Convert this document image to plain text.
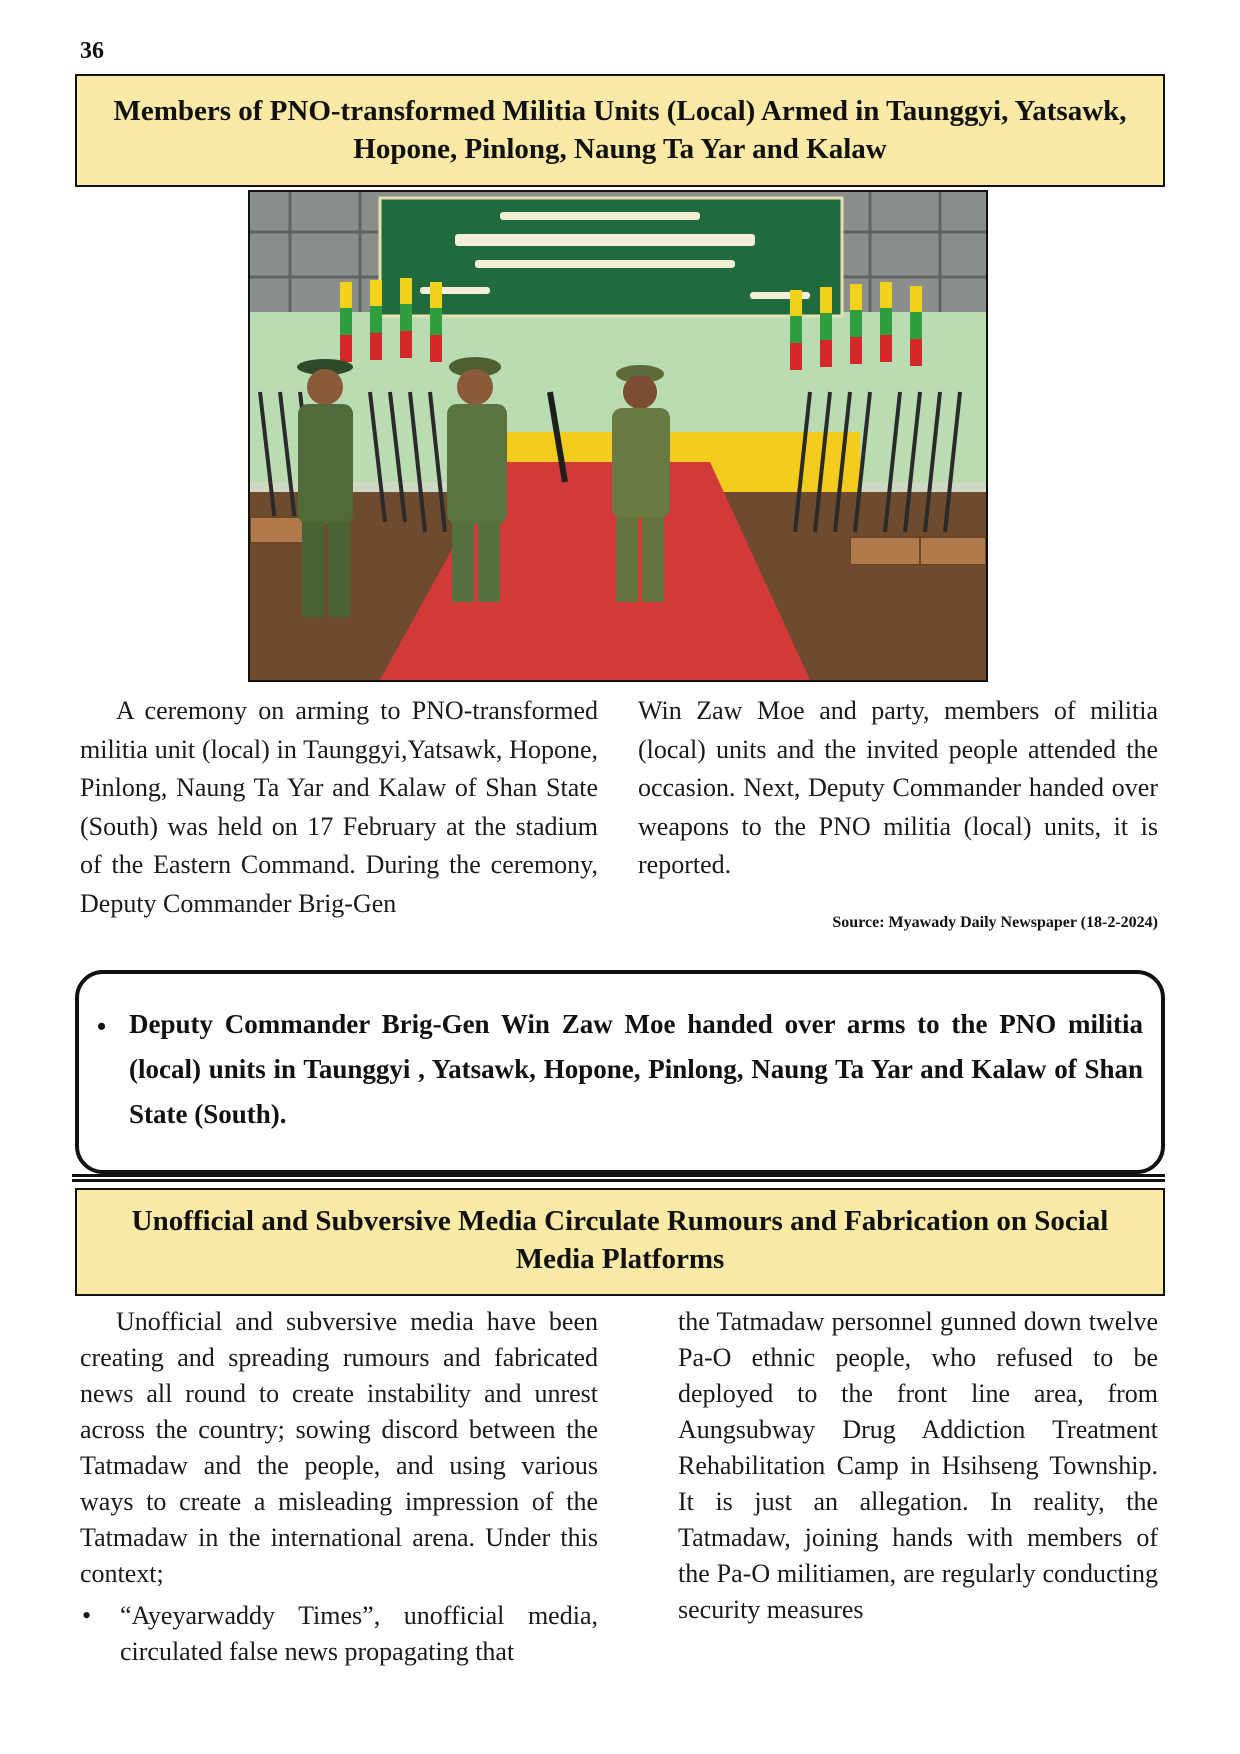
36
Members of PNO-transformed Militia Units (Local) Armed in Taunggyi, Yatsawk, Hopone, Pinlong, Naung Ta Yar and Kalaw

A ceremony on arming to PNO-transformed militia unit (local) in Taunggyi,Yatsawk, Hopone, Pinlong, Naung Ta Yar and Kalaw of Shan State (South) was held on 17 February at the stadium of the Eastern Command. During the ceremony, Deputy Commander Brig-Gen

Win Zaw Moe and party, members of militia (local) units and the invited people attended the occasion. Next, Deputy Commander handed over weapons to the PNO militia (local) units, it is reported.

Source: Myawady Daily Newspaper (18-2-2024)
• Deputy Commander Brig-Gen Win Zaw Moe handed over arms to the PNO militia (local) units in Taunggyi , Yatsawk, Hopone, Pinlong, Naung Ta Yar and Kalaw of Shan State (South).
Unofficial and Subversive Media Circulate Rumours and Fabrication on Social Media Platforms

Unofficial and subversive media have been creating and spreading rumours and fabricated news all round to create instability and unrest across the country; sowing discord between the Tatmadaw and the people, and using various ways to create a misleading impression of the Tatmadaw in the international arena. Under this context;

• “Ayeyarwaddy Times”, unofficial media, circulated false news propagating that

the Tatmadaw personnel gunned down twelve Pa-O ethnic people, who refused to be deployed to the front line area, from Aungsubway Drug Addiction Treatment Rehabilitation Camp in Hsihseng Township. It is just an allegation. In reality, the Tatmadaw, joining hands with members of the Pa-O militiamen, are regularly conducting security measures
